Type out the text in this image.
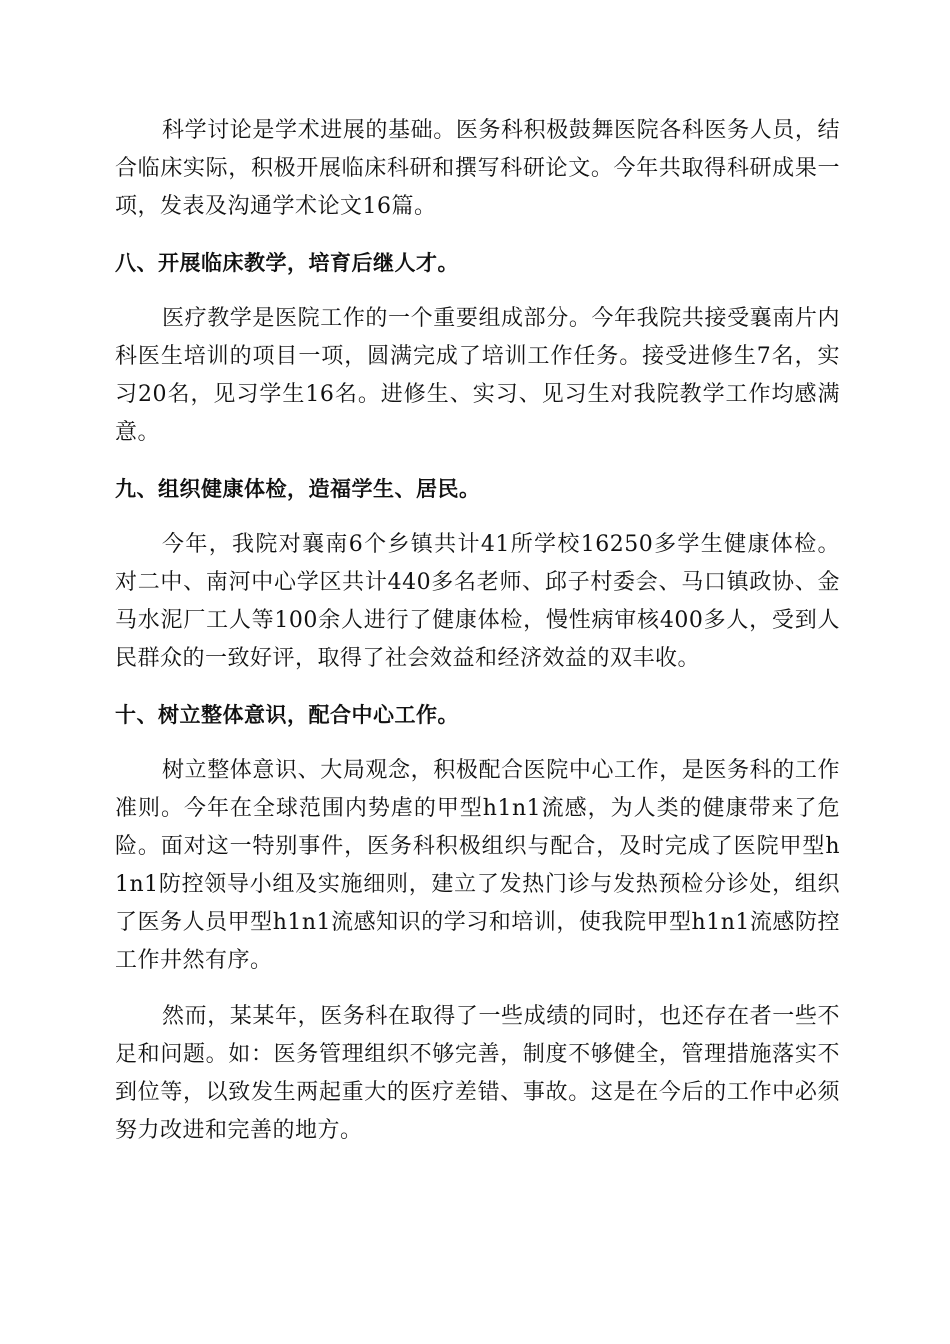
科学讨论是学术进展的基础。医务科积极鼓舞医院各科医务人员，结合临床实际，积极开展临床科研和撰写科研论文。今年共取得科研成果一项，发表及沟通学术论文16篇。

八、开展临床教学，培育后继人才。

医疗教学是医院工作的一个重要组成部分。今年我院共接受襄南片内科医生培训的项目一项，圆满完成了培训工作任务。接受进修生7名，实习20名，见习学生16名。进修生、实习、见习生对我院教学工作均感满意。

九、组织健康体检，造福学生、居民。

今年，我院对襄南6个乡镇共计41所学校16250多学生健康体检。对二中、南河中心学区共计440多名老师、邱子村委会、马口镇政协、金马水泥厂工人等100余人进行了健康体检，慢性病审核400多人，受到人民群众的一致好评，取得了社会效益和经济效益的双丰收。

十、树立整体意识，配合中心工作。

树立整体意识、大局观念，积极配合医院中心工作，是医务科的工作准则。今年在全球范围内势虐的甲型h1n1流感，为人类的健康带来了危险。面对这一特别事件，医务科积极组织与配合，及时完成了医院甲型h1n1防控领导小组及实施细则，建立了发热门诊与发热预检分诊处，组织了医务人员甲型h1n1流感知识的学习和培训，使我院甲型h1n1流感防控工作井然有序。

然而，某某年，医务科在取得了一些成绩的同时，也还存在者一些不足和问题。如：医务管理组织不够完善，制度不够健全，管理措施落实不到位等，以致发生两起重大的医疗差错、事故。这是在今后的工作中必须努力改进和完善的地方。
